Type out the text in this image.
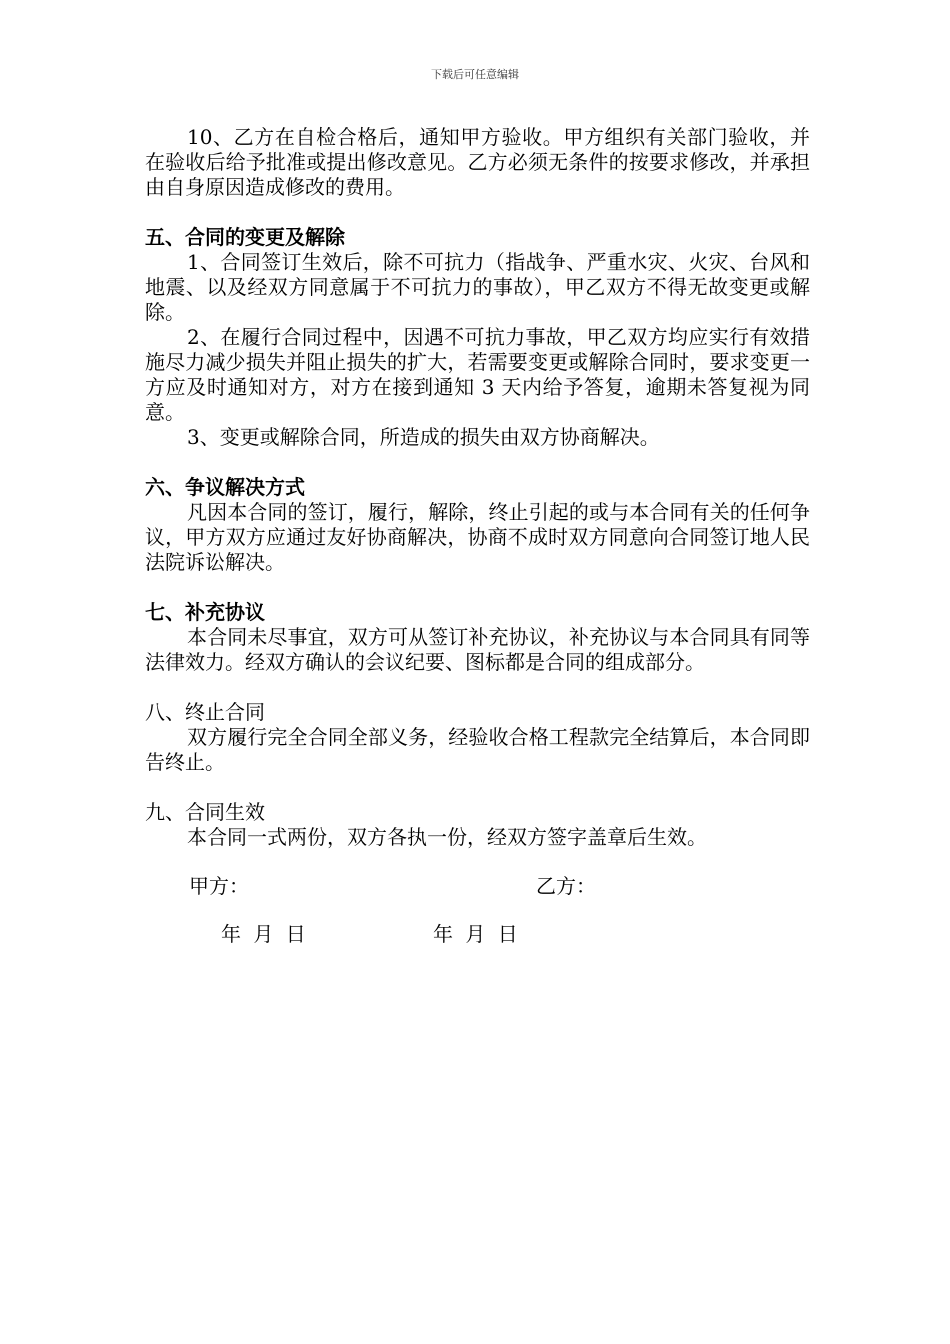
下载后可任意编辑

10、乙方在自检合格后，通知甲方验收。甲方组织有关部门验收，并在验收后给予批准或提出修改意见。乙方必须无条件的按要求修改，并承担由自身原因造成修改的费用。

五、合同的变更及解除

1、合同签订生效后，除不可抗力（指战争、严重水灾、火灾、台风和地震、以及经双方同意属于不可抗力的事故），甲乙双方不得无故变更或解除。

2、在履行合同过程中，因遇不可抗力事故，甲乙双方均应实行有效措施尽力减少损失并阻止损失的扩大，若需要变更或解除合同时，要求变更一方应及时通知对方，对方在接到通知 3 天内给予答复，逾期未答复视为同意。

3、变更或解除合同，所造成的损失由双方协商解决。

六、争议解决方式

凡因本合同的签订，履行，解除，终止引起的或与本合同有关的任何争议，甲方双方应通过友好协商解决，协商不成时双方同意向合同签订地人民法院诉讼解决。

七、补充协议

本合同未尽事宜，双方可从签订补充协议，补充协议与本合同具有同等法律效力。经双方确认的会议纪要、图标都是合同的组成部分。

八、终止合同

双方履行完全合同全部义务，经验收合格工程款完全结算后，本合同即告终止。

九、合同生效

本合同一式两份，双方各执一份，经双方签字盖章后生效。

甲方：	乙方：
年 月 日	年 月 日
